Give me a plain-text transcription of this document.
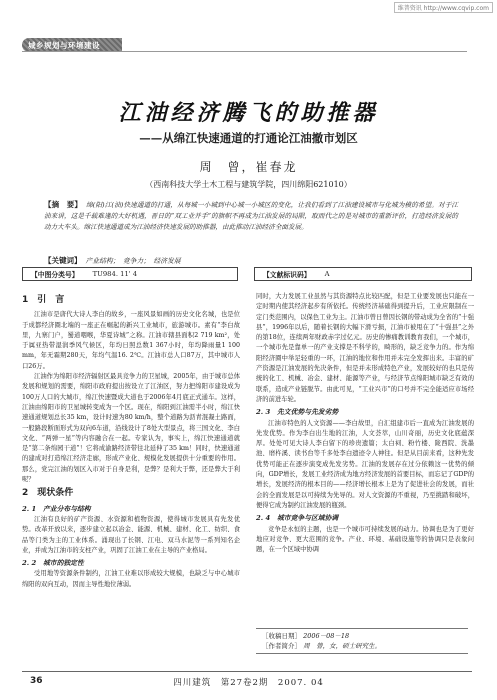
维普资讯 http://www.cqvip.com
城乡规划与环境建设
江油经济腾飞的助推器
——从绵江快速通道的打通论江油撤市划区
周　曾，崔春龙
（西南科技大学土木工程与建筑学院，四川绵阳621010）
【摘　要】 绵(阳)江(油)快速通道的打通，从每城一小城到中心城一小城区的变化，让我们看到了江油建设城市与化城为模的希望。对于江油来讲，这是千载难逢的大好机遇，晋日的“双工业并手”的旗帜不再成为江油发展的局限，取而代之的是对城市的重新评价，打造经济发展的动力大车头。绵江快速通道成为江油经济快速发展的助推器，由此推动江油经济全面发展。
【关键词】 产业结构；　竞争力；　经济发展
【中图分类号】 TU984. 11' 4	【文献标识码】 A
1　引　言

江油市是唐代大诗人李白的故乡，一座风景如画的历史文化名城，也是位于成都经济圈北端的一座正在崛起的新兴工业城市，旅游城市。素有“李白故里，九寨门户，蜀道咽喉，华夏诗城”之称。江油市辖县面积2 719 km²，处于属亚热带湿润季风气候区，年均日照总数1 367小时，年均降雨量1 100 mm，年无霜期280天，年均气温16. 2℃。江油市总人口87万，其中城市人口26万。

江油作为绵阳市经济辐射区最具竞争力的卫星城，2005年，由于城市总体发展和规划的需要，绵阳市政府提出按设立了江油区，努力把绵阳市建设成为100万人口的大城市，绵江快速暨成大道也于2006年4月底正式通车。这样，江油由绵阳市的卫星城转变成为一个区。现在，绵阳到江油需半小时，绵江快速通道规划总长35 km，设计时速为80 km/h，整个道路为沥青混凝土路面，一般路段断面形式为双向6车道，沿线设计了8处大型景点，将三国文化、李白文化、“两弹一星”等内容融合在一起。专家认为，事实上，绵江快速通道就是“第二条绵园干道”！它将成渝路经济带往北延伸了35 km！同时，快速通道的建成对打造绵江经济走廊，形成产业化、规模化发展提供十分重要的作用。那么，党完江油的划区入市对于自身是利，是弊？是利大于弊，还是弊大于利呢？

2　现状条件
2. 1　产业分布与结构

江油有良好的矿产资源、水资源和植物资源，使得城市发展具有先发优势。改革开放以来，逐步建立起以冶金、能源、机械、建材、化工、纺织、食品等门类为主的工业体系。涌现出了长钢、江电、双马水泥等一系列知名企业，并成为江油市的支柱产业，巩固了江油工业在主导的产业格局。

2. 2　城市的独定性

受用地等资源条件制约，江油工业难以形成较大规模，也缺乏与中心城市绵阳的双向互动，因而主导性地位薄弱。

同时，大力发展工业虽然与其资源特点比较匹配，但是工业要发展也只能在一定时期内使其经济起步有所依托。传统经济基础得到提升后，工业应限制在一定门类范围内，以保色工业为主。江油市曾日曾因长钢的带动成为全省的“十强县”，1996年以后，随着长钢的大幅下滑亏损，江油市被甩在了“十强县”之外的第18位，连续两年财政赤字过亿元。历史的惨痛教训教育我们，一个城市，一个城市先是靠单一的产业支撑是不科学的，畸形的，缺乏竞争力的。作为绵阳经济圈中举足轻重的一环，江油的地位和作用并未完全发挥出来。丰富的矿产资源是江油发展的先决条件，但是并未形成特色产业，发展较好的也只是传统的化工、机械、冶金、建材、能源等产业，与经济节点绵阳城市缺乏有效的联系，造成产业链脱节。由此可见，“工业兴市”的口号并不完全能适应市场经济的前进车轮。

2. 3　先文优势与先发劣势

江油市特色的人文资源——李白故里，自汇组建市后一直成为江油发展的先发优势。作为李白出生地的江油，人文荟萃，山川奇丽，历史文化底蕴深厚。处处可见大诗人李白留下的珍贵遗篇；太白祠、粉竹楼、陇西院、洗墨池、磨杵溪、读书台等千多处李白遗迹令人神往。但是从目前来看，这种先发优势可能正在逐步演变成先发劣势。江油的发展存在过分依赖这一优势的倾向，GDP增长，发展工业经济成为地方经济发展的首要目标，而忘记了GDP的增长，发展经济的根本目的——经济增长根本上是为了促进社会的发展，而社会的全面发展是以可持续为先导的。对人文资源的不重视，乃至挑踏和破坏，便得它成为制约江油发展的瓶颈。

2. 4　城市竞争与区域协调

竞争是永恒的主题，也是一个城市可持续发展的动力。协调也是为了更好地应对竞争、更大范围的竞争。产业、环境、基础设施等的协调只是表象问题，在一个区域中协调

［收稿日期］ 2006－08－18
［作者简介］ 周　曾，女，硕士研究生。
36	四川建筑　第27卷2期　2007. 04
